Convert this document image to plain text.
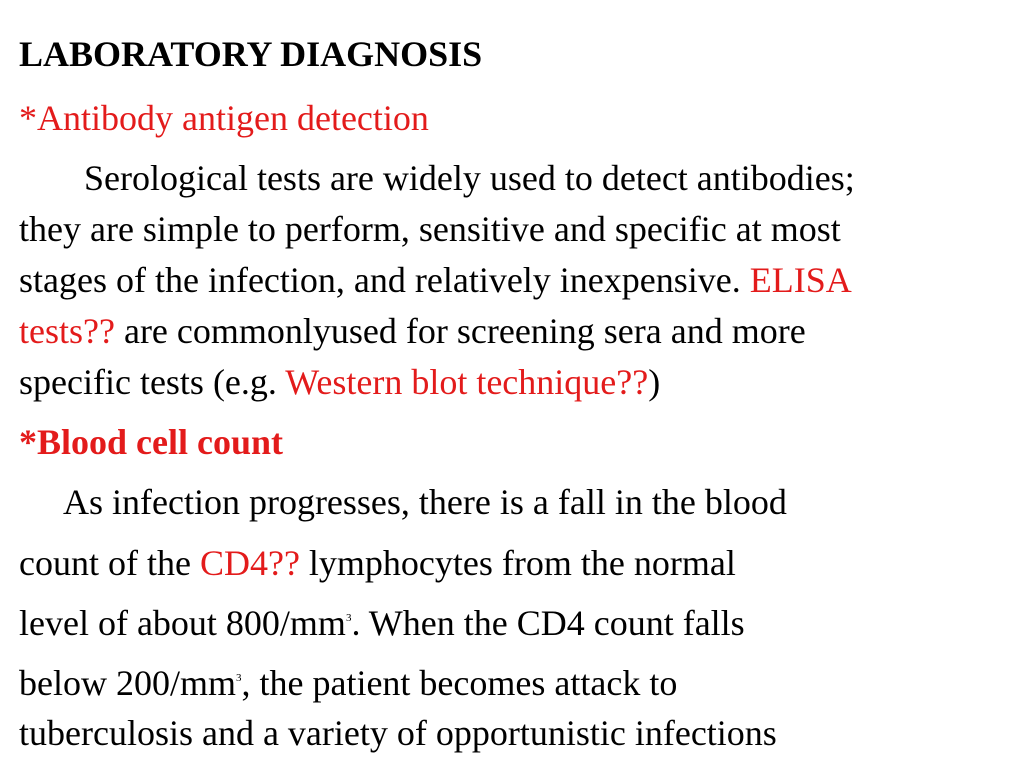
LABORATORY DIAGNOSIS
*Antibody antigen detection
Serological tests are widely used to detect antibodies;
they are simple to perform, sensitive and specific at most
stages of the infection, and relatively inexpensive. ELISA
tests?? are commonlyused for screening sera and more
specific tests (e.g. Western blot technique??)
*Blood cell count
As infection progresses, there is a fall in the blood
count of the CD4?? lymphocytes from the normal
level of about $800/mm^3$. When the CD4 count falls
below $200/mm^3$, the patient becomes attack to
tuberculosis and a variety of opportunistic infections
